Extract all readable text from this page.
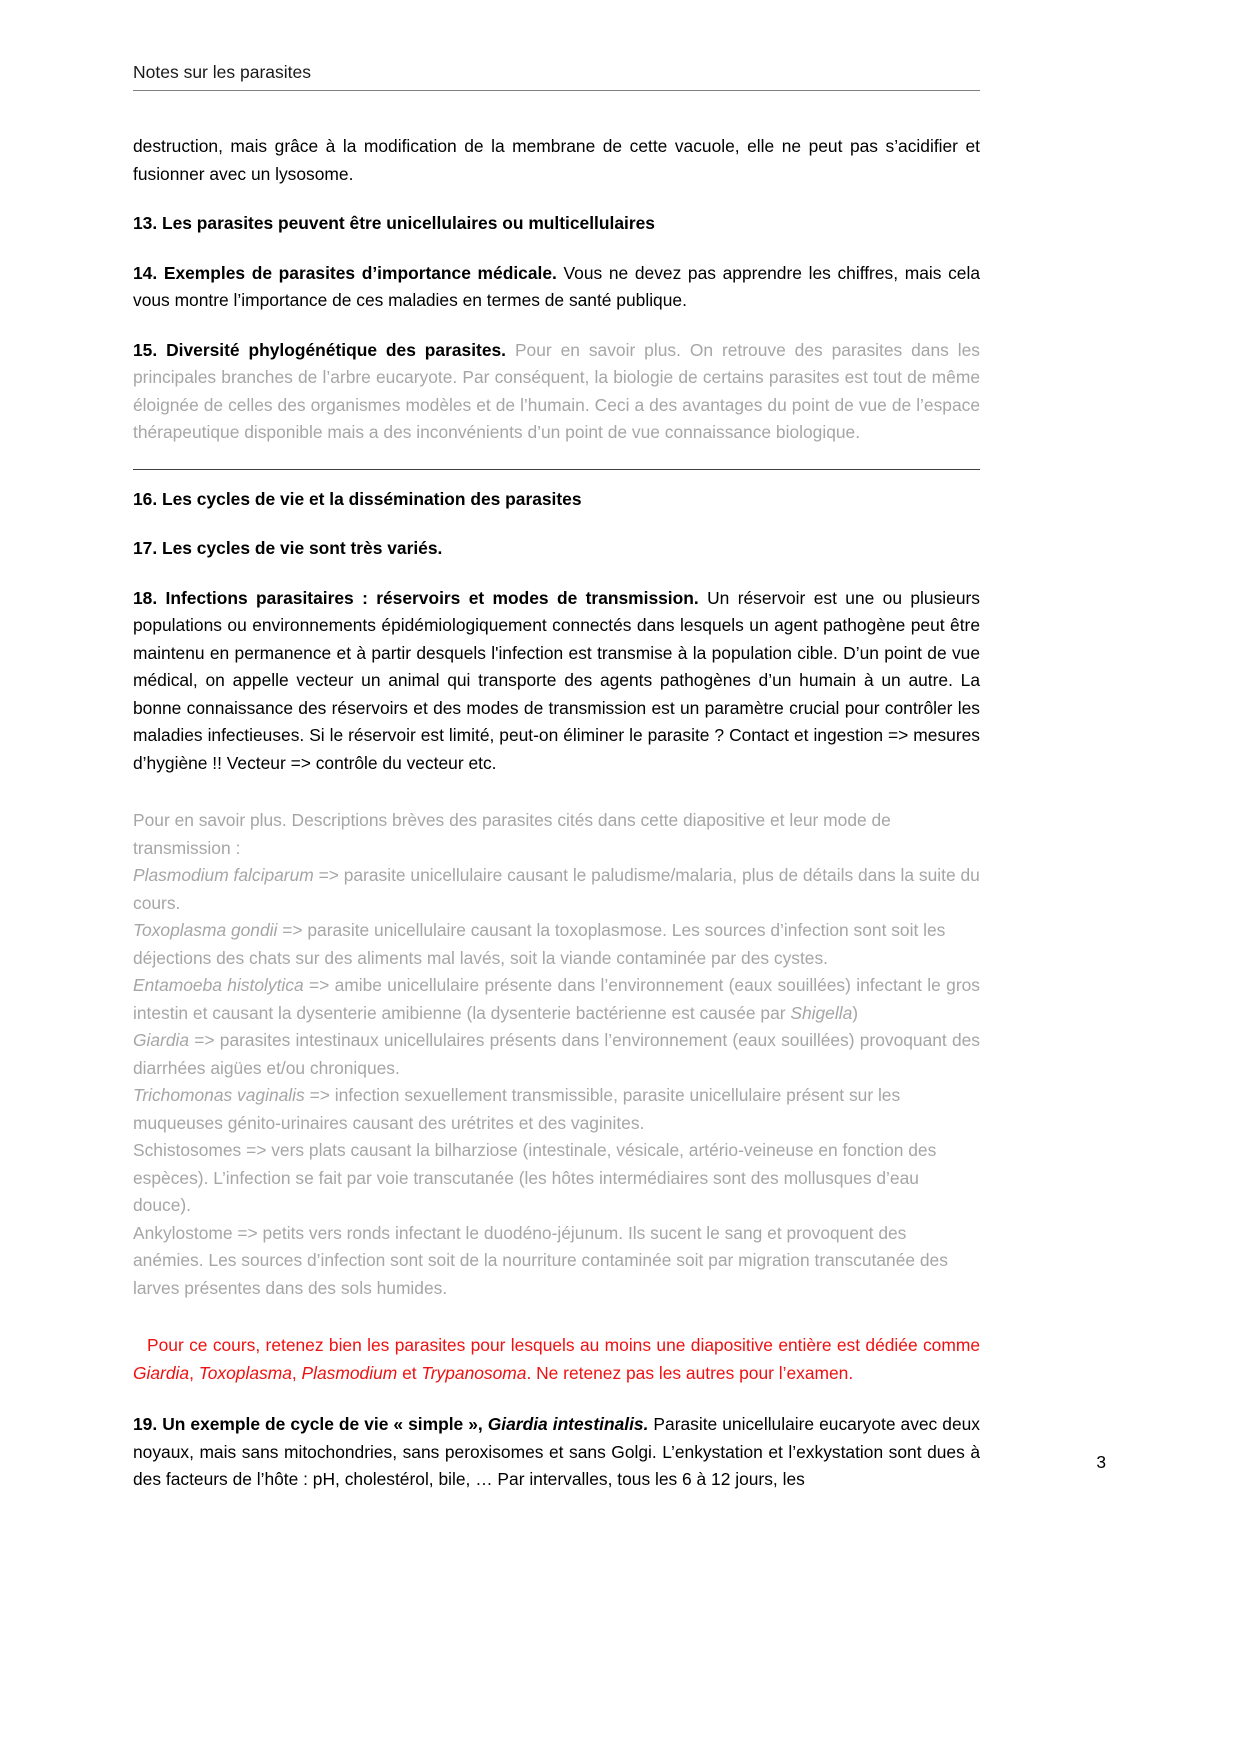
Notes sur les parasites

destruction, mais grâce à la modification de la membrane de cette vacuole, elle ne peut pas s’acidifier et fusionner avec un lysosome.

13. Les parasites peuvent être unicellulaires ou multicellulaires

14. Exemples de parasites d’importance médicale. Vous ne devez pas apprendre les chiffres, mais cela vous montre l’importance de ces maladies en termes de santé publique.

15. Diversité phylogénétique des parasites. Pour en savoir plus. On retrouve des parasites dans les principales branches de l’arbre eucaryote. Par conséquent, la biologie de certains parasites est tout de même éloignée de celles des organismes modèles et de l’humain. Ceci a des avantages du point de vue de l’espace thérapeutique disponible mais a des inconvénients d’un point de vue connaissance biologique.

16. Les cycles de vie et la dissémination des parasites

17. Les cycles de vie sont très variés.

18. Infections parasitaires : réservoirs et modes de transmission. Un réservoir est une ou plusieurs populations ou environnements épidémiologiquement connectés dans lesquels un agent pathogène peut être maintenu en permanence et à partir desquels l'infection est transmise à la population cible. D’un point de vue médical, on appelle vecteur un animal qui transporte des agents pathogènes d’un humain à un autre. La bonne connaissance des réservoirs et des modes de transmission est un paramètre crucial pour contrôler les maladies infectieuses. Si le réservoir est limité, peut-on éliminer le parasite ? Contact et ingestion => mesures d’hygiène !! Vecteur => contrôle du vecteur etc.

Pour en savoir plus. Descriptions brèves des parasites cités dans cette diapositive et leur mode de transmission :
Plasmodium falciparum => parasite unicellulaire causant le paludisme/malaria, plus de détails dans la suite du cours.
Toxoplasma gondii => parasite unicellulaire causant la toxoplasmose. Les sources d’infection sont soit les déjections des chats sur des aliments mal lavés, soit la viande contaminée par des cystes.
Entamoeba histolytica => amibe unicellulaire présente dans l’environnement (eaux souillées) infectant le gros intestin et causant la dysenterie amibienne (la dysenterie bactérienne est causée par Shigella)
Giardia => parasites intestinaux unicellulaires présents dans l’environnement (eaux souillées) provoquant des diarrhées aigües et/ou chroniques.
Trichomonas vaginalis => infection sexuellement transmissible, parasite unicellulaire présent sur les muqueuses génito-urinaires causant des urétrites et des vaginites.
Schistosomes => vers plats causant la bilharziose (intestinale, vésicale, artério-veineuse en fonction des espèces). L’infection se fait par voie transcutanée (les hôtes intermédiaires sont des mollusques d’eau douce).
Ankylostome => petits vers ronds infectant le duodéno-jéjunum. Ils sucent le sang et provoquent des anémies. Les sources d’infection sont soit de la nourriture contaminée soit par migration transcutanée des larves présentes dans des sols humides.

Pour ce cours, retenez bien les parasites pour lesquels au moins une diapositive entière est dédiée comme Giardia, Toxoplasma, Plasmodium et Trypanosoma. Ne retenez pas les autres pour l’examen.

19. Un exemple de cycle de vie « simple », Giardia intestinalis. Parasite unicellulaire eucaryote avec deux noyaux, mais sans mitochondries, sans peroxisomes et sans Golgi. L’enkystation et l’exkystation sont dues à des facteurs de l’hôte : pH, cholestérol, bile, … Par intervalles, tous les 6 à 12 jours, les

3
